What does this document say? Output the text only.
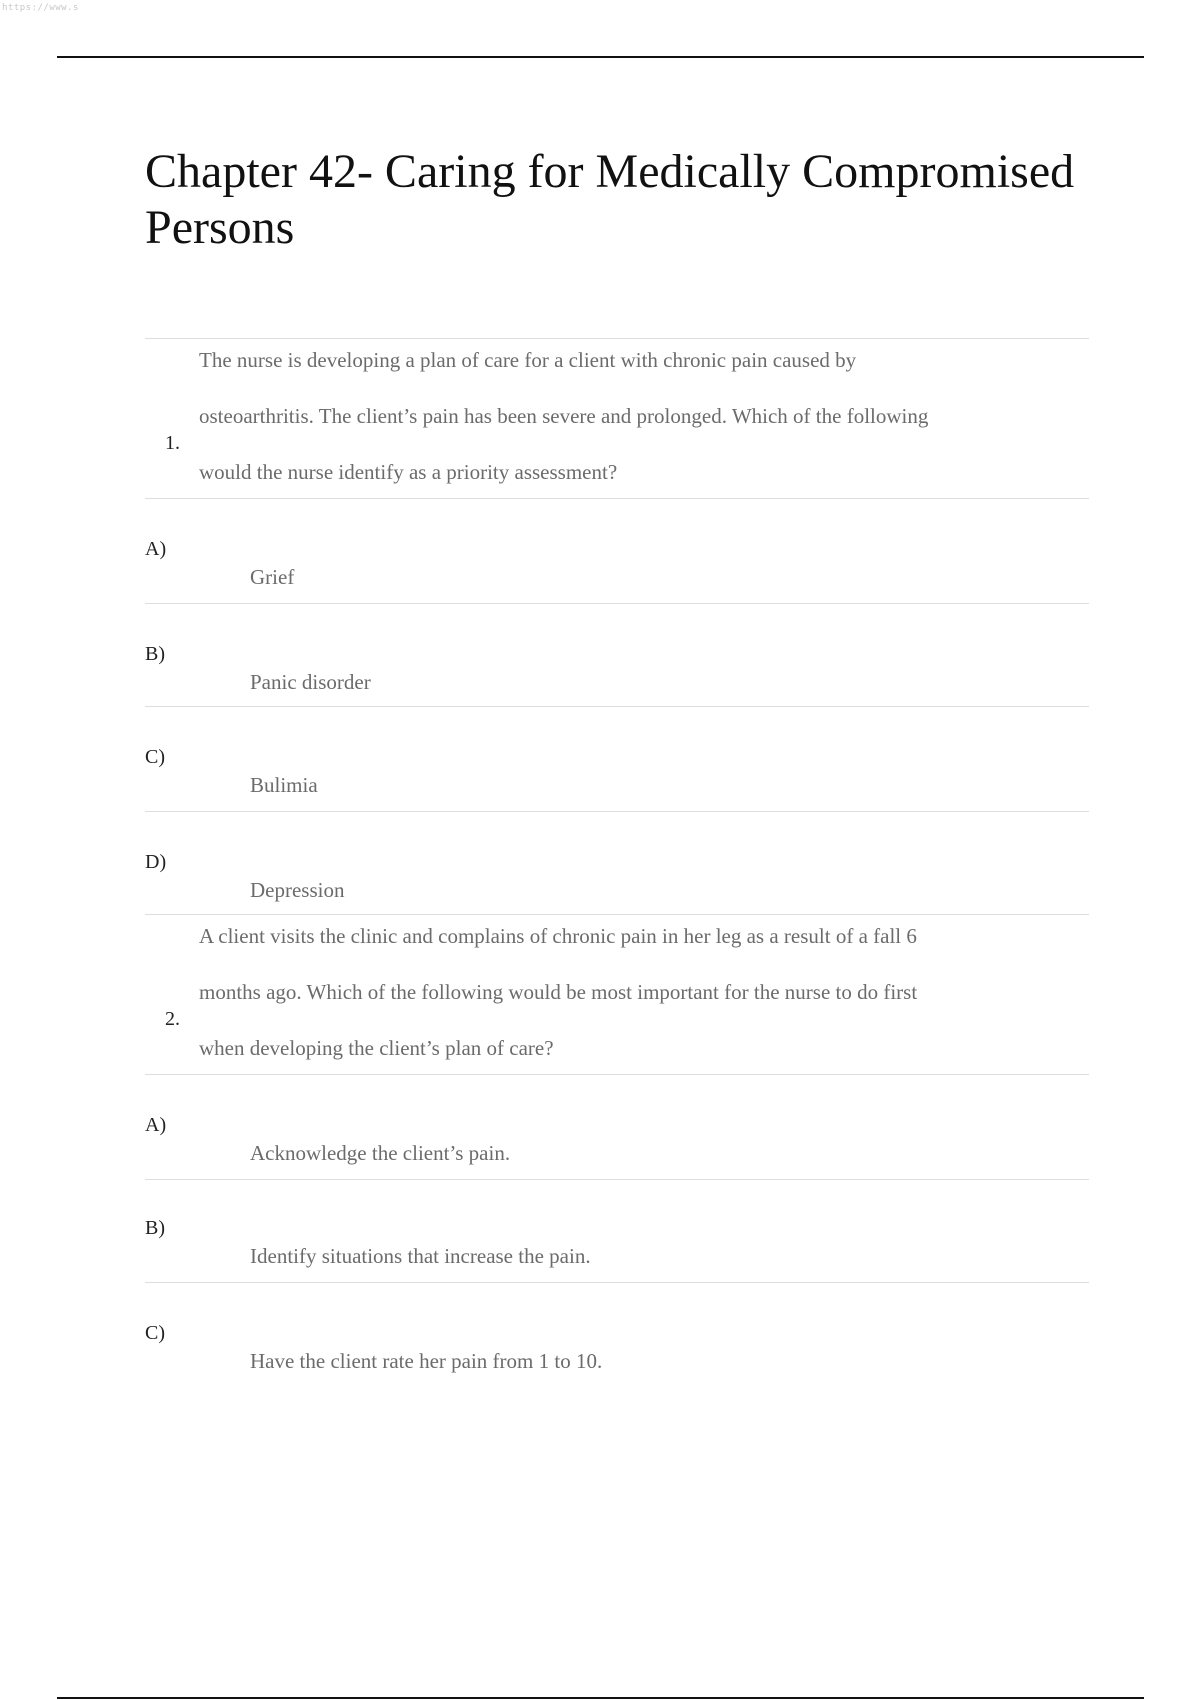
https://www.s
Chapter 42- Caring for Medically Compromised Persons
The nurse is developing a plan of care for a client with chronic pain caused by
osteoarthritis. The client’s pain has been severe and prolonged. Which of the following
1.
would the nurse identify as a priority assessment?
A)
Grief
B)
Panic disorder
C)
Bulimia
D)
Depression
A client visits the clinic and complains of chronic pain in her leg as a result of a fall 6
months ago. Which of the following would be most important for the nurse to do first
2.
when developing the client’s plan of care?
A)
Acknowledge the client’s pain.
B)
Identify situations that increase the pain.
C)
Have the client rate her pain from 1 to 10.
